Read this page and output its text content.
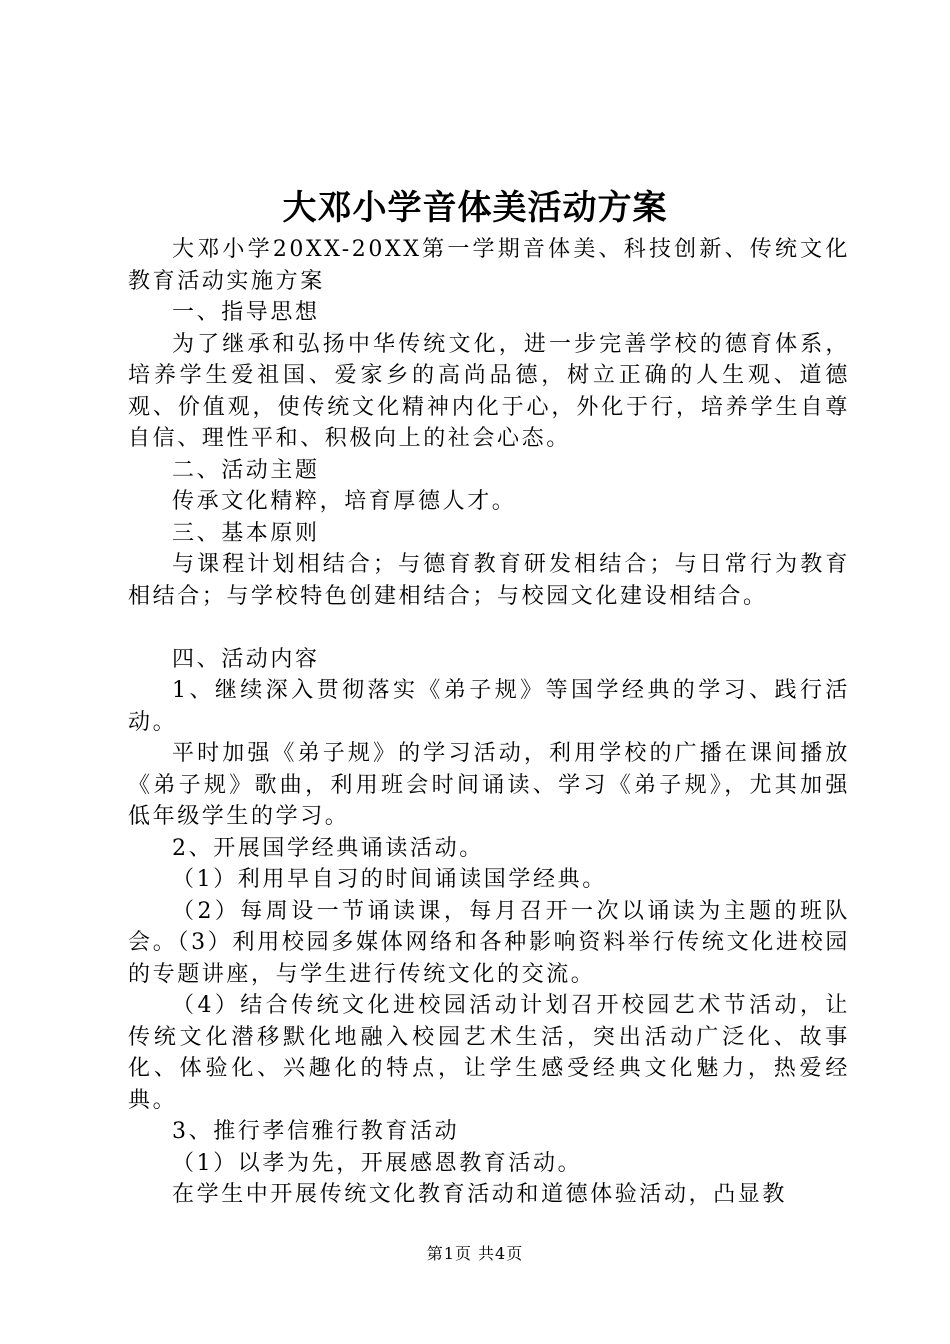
大邓小学音体美活动方案

大邓小学20XX-20XX第一学期音体美、科技创新、传统文化教育活动实施方案

一、指导思想

为了继承和弘扬中华传统文化，进一步完善学校的德育体系，培养学生爱祖国、爱家乡的高尚品德，树立正确的人生观、道德观、价值观，使传统文化精神内化于心，外化于行，培养学生自尊自信、理性平和、积极向上的社会心态。

二、活动主题

传承文化精粹，培育厚德人才。

三、基本原则

与课程计划相结合；与德育教育研发相结合；与日常行为教育相结合；与学校特色创建相结合；与校园文化建设相结合。

四、活动内容

1、继续深入贯彻落实《弟子规》等国学经典的学习、践行活动。

平时加强《弟子规》的学习活动，利用学校的广播在课间播放《弟子规》歌曲，利用班会时间诵读、学习《弟子规》，尤其加强低年级学生的学习。

2、开展国学经典诵读活动。

（1）利用早自习的时间诵读国学经典。

（2）每周设一节诵读课，每月召开一次以诵读为主题的班队会。（3）利用校园多媒体网络和各种影响资料举行传统文化进校园的专题讲座，与学生进行传统文化的交流。

（4）结合传统文化进校园活动计划召开校园艺术节活动，让传统文化潜移默化地融入校园艺术生活，突出活动广泛化、故事化、体验化、兴趣化的特点，让学生感受经典文化魅力，热爱经典。

3、推行孝信雅行教育活动

（1）以孝为先，开展感恩教育活动。

在学生中开展传统文化教育活动和道德体验活动，凸显教

第1页 共4页
